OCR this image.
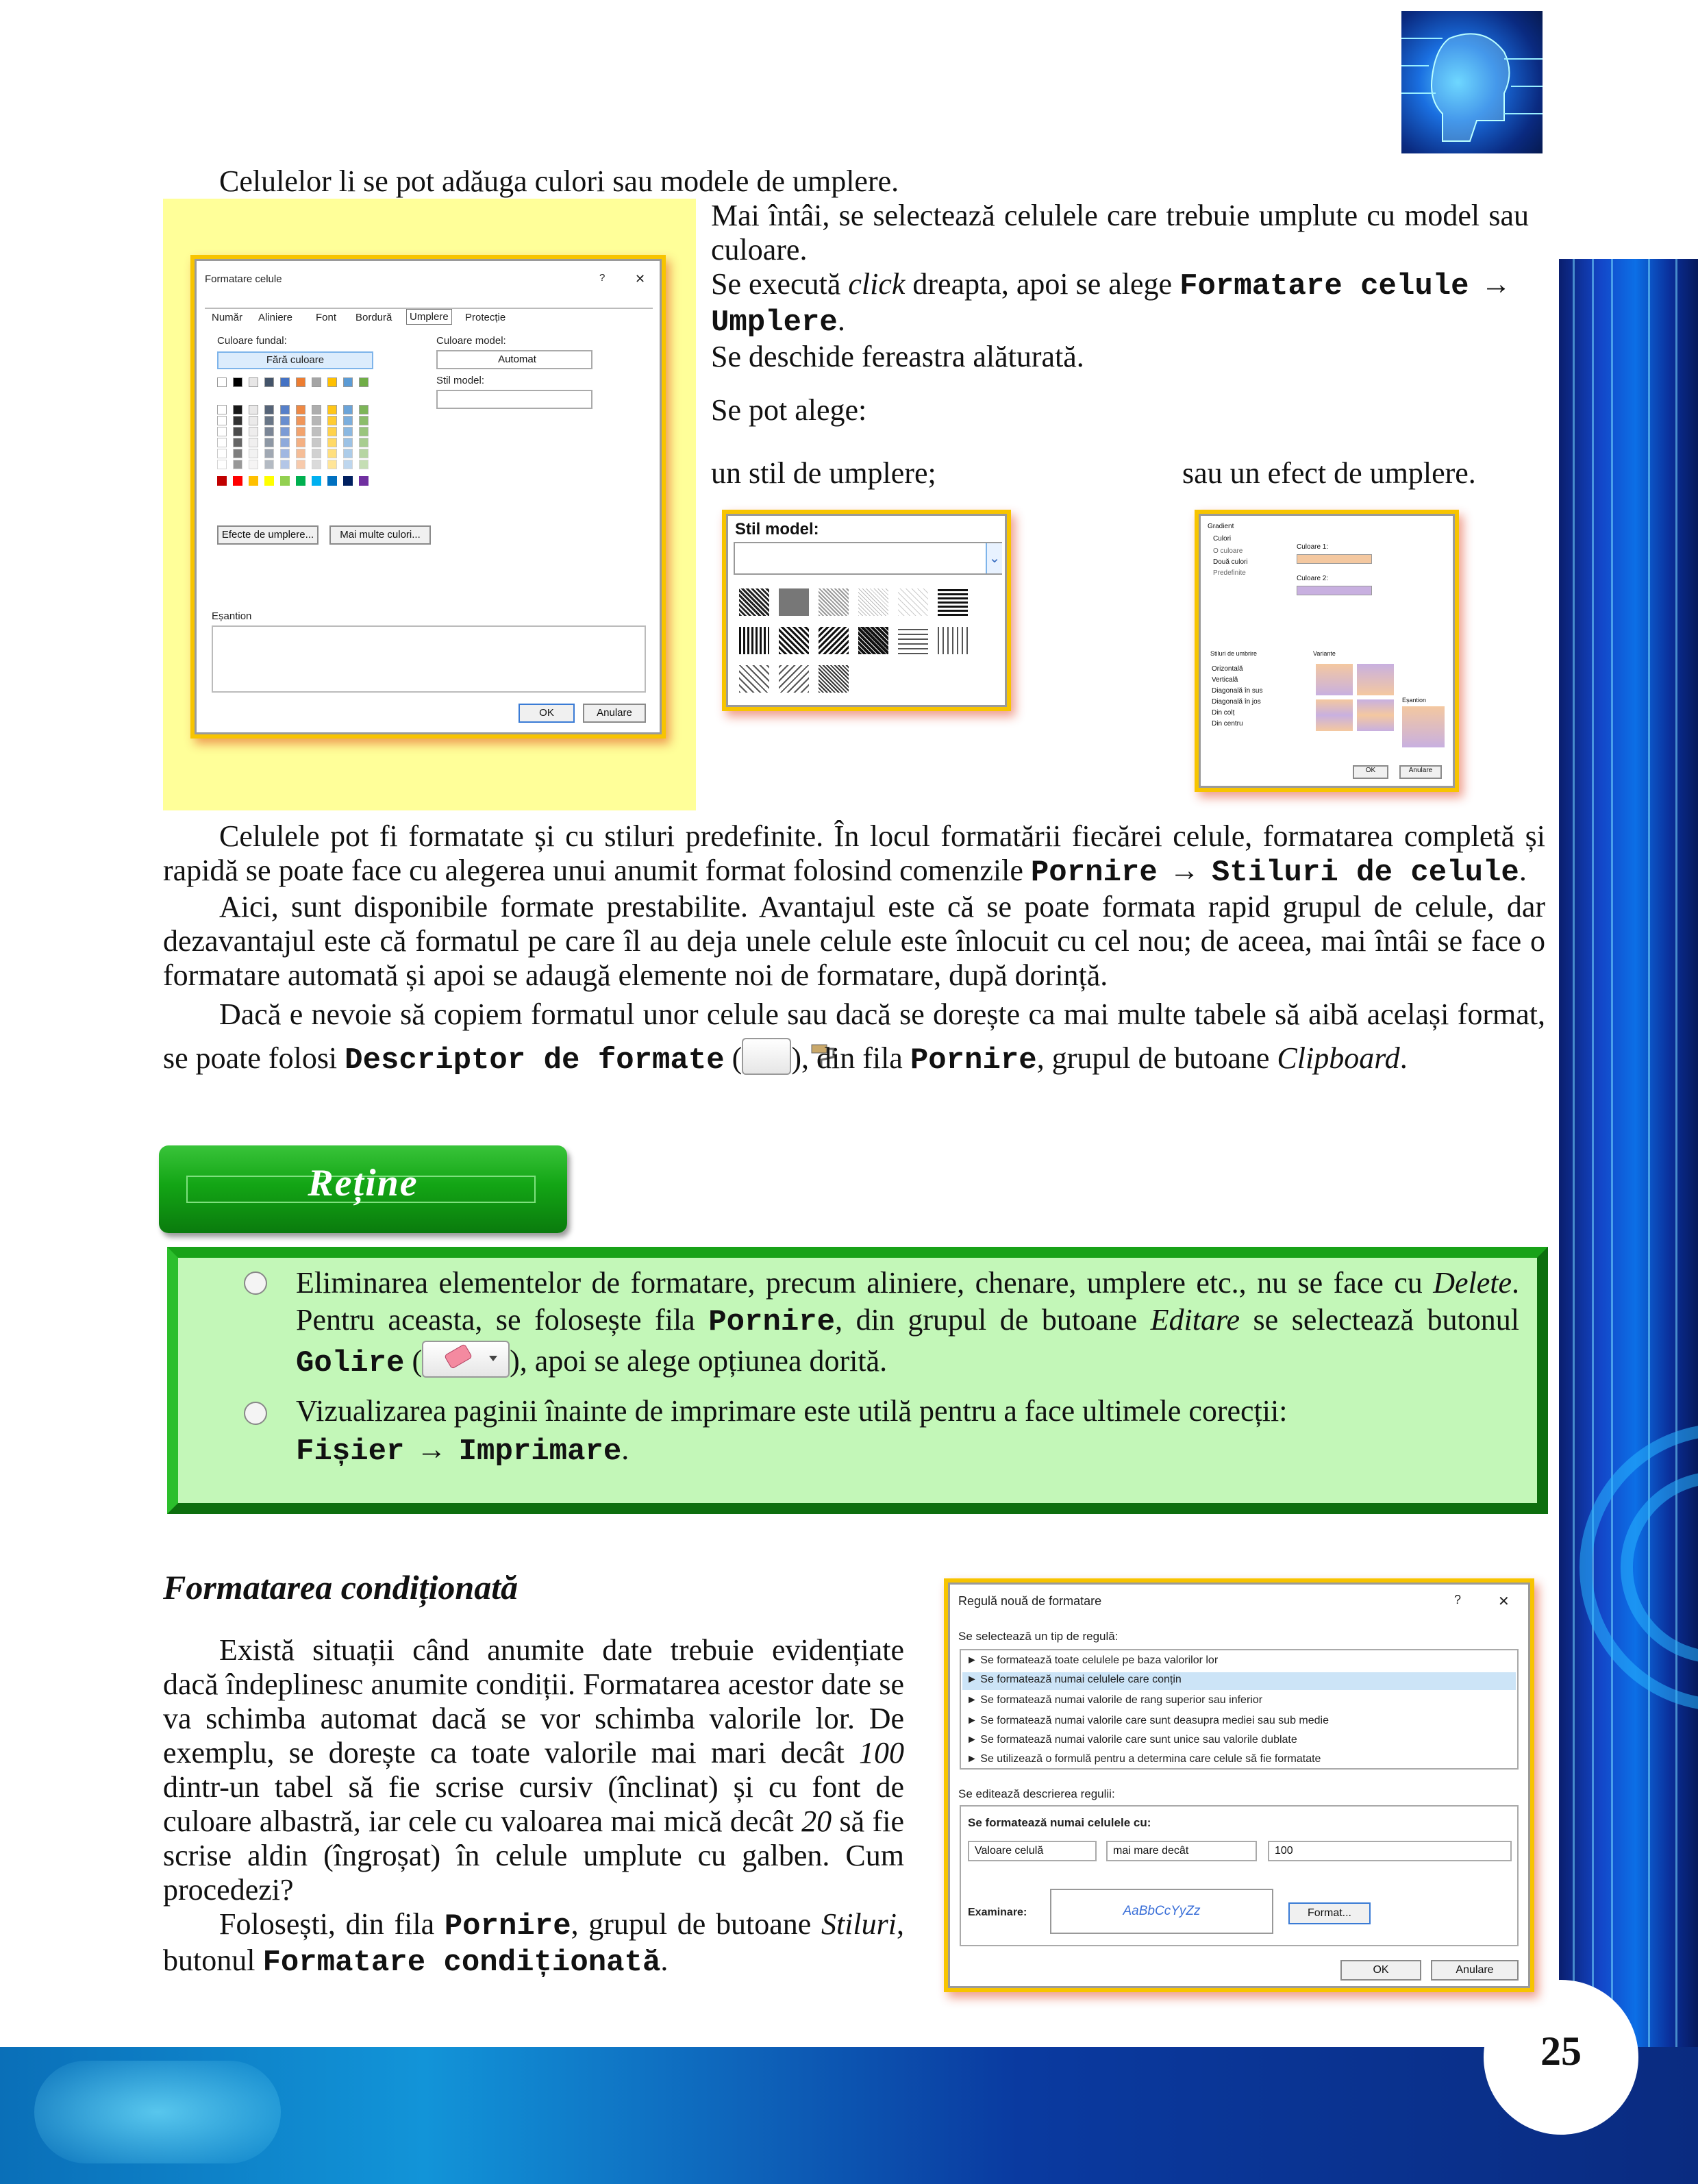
25

Celulelor li se pot adăuga culori sau modele de umplere.

Formatare celule	? ✕
Număr Aliniere Font Bordură	Umplere	Protecție
Culoare fundal:
Fără culoare
Culoare model:
Automat
Stil model:
Efecte de umplere...	Mai multe culori...
Eșantion
OK	Anulare

Mai întâi, se selectează celulele care trebuie umplute cu model sau culoare.

Se execută click dreapta, apoi se alege Formatare celule → Umplere.

Se deschide fereastra alăturată.

Se pot alege:

un stil de umplere;	sau un efect de umplere.

Stil model:
⌄
Gradient
Culori
O culoare
Două culori
Predefinite
Culoare 1:
Culoare 2:
Stiluri de umbrire
Orizontală
Verticală
Diagonală în sus
Diagonală în jos
Din colț
Din centru
Variante
Eșantion
OK	Anulare

Celulele pot fi formatate și cu stiluri predefinite. În locul formatării fiecărei celule, formatarea completă și rapidă se poate face cu alegerea unui anumit format folosind comenzile Pornire → Stiluri de celule.

Aici, sunt disponibile formate prestabilite. Avantajul este că se poate formata rapid grupul de celule, dar dezavantajul este că formatul pe care îl au deja unele celule este înlocuit cu cel nou; de aceea, mai întâi se face o formatare automată și apoi se adaugă elemente noi de formatare, după dorință.

Dacă e nevoie să copiem formatul unor celule sau dacă se dorește ca mai multe tabele să aibă același format, se poate folosi Descriptor de formate ( ), din fila Pornire, grupul de butoane Clipboard.

Reține

Eliminarea elementelor de formatare, precum aliniere, chenare, umplere etc., nu se face cu Delete. Pentru aceasta, se folosește fila Pornire, din grupul de butoane Editare se selectează butonul Golire (	), apoi se alege opțiunea dorită.

Vizualizarea paginii înainte de imprimare este utilă pentru a face ultimele corecții:
Fișier → Imprimare.

Formatarea condiționată

Există situații când anumite date trebuie evidențiate dacă îndeplinesc anumite condiții. Formatarea acestor date se va schimba automat dacă se vor schimba valorile lor. De exemplu, se dorește ca toate valorile mai mari decât 100 dintr-un tabel să fie scrise cursiv (înclinat) și cu font de culoare albastră, iar cele cu valoarea mai mică decât 20 să fie scrise aldin (îngroșat) în celule umplute cu galben. Cum procedezi?

Folosești, din fila Pornire, grupul de butoane Stiluri, butonul Formatare condiționată.

Regulă nouă de formatare	?	✕
Se selectează un tip de regulă:
► Se formatează toate celulele pe baza valorilor lor
► Se formatează numai celulele care conțin
► Se formatează numai valorile de rang superior sau inferior
► Se formatează numai valorile care sunt deasupra mediei sau sub medie
► Se formatează numai valorile care sunt unice sau valorile dublate
► Se utilizează o formulă pentru a determina care celule să fie formatate
Se editează descrierea regulii:
Se formatează numai celulele cu:
Valoare celulă	mai mare decât	100
Examinare:	AaBbCcYyZz	Format...
OK	Anulare
